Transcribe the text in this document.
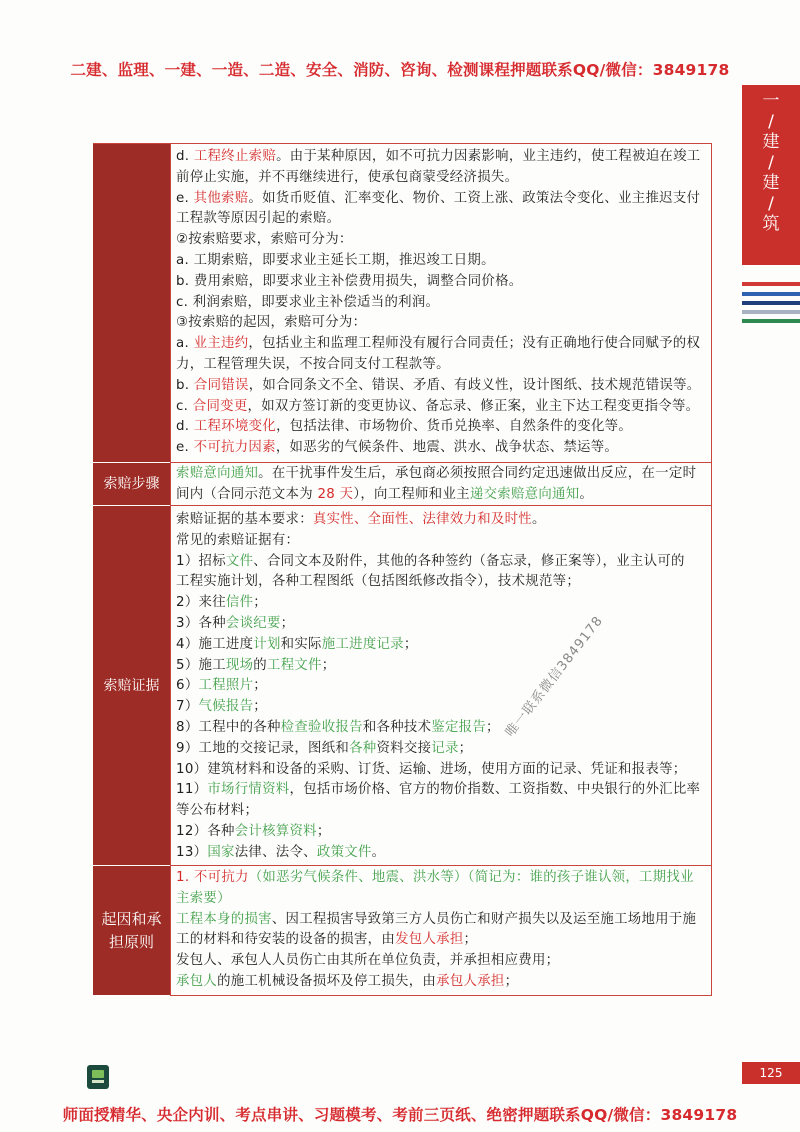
二建、监理、一建、一造、二造、安全、消防、咨询、检测课程押题联系QQ/微信：3849178
一
/
建
/
建
/
筑
d. 工程终止索赔。由于某种原因，如不可抗力因素影响，业主违约，使工程被迫在竣工
前停止实施，并不再继续进行，使承包商蒙受经济损失。
e. 其他索赔。如货币贬值、汇率变化、物价、工资上涨、政策法令变化、业主推迟支付
工程款等原因引起的索赔。
②按索赔要求，索赔可分为：
a. 工期索赔，即要求业主延长工期，推迟竣工日期。
b. 费用索赔，即要求业主补偿费用损失，调整合同价格。
c. 利润索赔，即要求业主补偿适当的利润。
③按索赔的起因，索赔可分为：
a. 业主违约，包括业主和监理工程师没有履行合同责任；没有正确地行使合同赋予的权
力，工程管理失误，不按合同支付工程款等。
b. 合同错误，如合同条文不全、错误、矛盾、有歧义性，设计图纸、技术规范错误等。
c. 合同变更，如双方签订新的变更协议、备忘录、修正案，业主下达工程变更指令等。
d. 工程环境变化，包括法律、市场物价、货币兑换率、自然条件的变化等。
e. 不可抗力因素，如恶劣的气候条件、地震、洪水、战争状态、禁运等。
索赔步骤
索赔意向通知。在干扰事件发生后，承包商必须按照合同约定迅速做出反应，在一定时
间内（合同示范文本为 28 天），向工程师和业主递交索赔意向通知。
索赔证据
索赔证据的基本要求：真实性、全面性、法律效力和及时性。
常见的索赔证据有：
1）招标文件、合同文本及附件，其他的各种签约（备忘录，修正案等），业主认可的
工程实施计划，各种工程图纸（包括图纸修改指令），技术规范等；
2）来往信件；
3）各种会谈纪要；
4）施工进度计划和实际施工进度记录；
5）施工现场的工程文件；
6）工程照片；
7）气候报告；
8）工程中的各种检查验收报告和各种技术鉴定报告；
9）工地的交接记录，图纸和各种资料交接记录；
10）建筑材料和设备的采购、订货、运输、进场，使用方面的记录、凭证和报表等；
11）市场行情资料，包括市场价格、官方的物价指数、工资指数、中央银行的外汇比率
等公布材料；
12）各种会计核算资料；
13）国家法律、法令、政策文件。
起因和承
担原则
1. 不可抗力（如恶劣气候条件、地震、洪水等）（简记为：谁的孩子谁认领，工期找业
主索要）
工程本身的损害、因工程损害导致第三方人员伤亡和财产损失以及运至施工场地用于施
工的材料和待安装的设备的损害，由发包人承担；
发包人、承包人人员伤亡由其所在单位负责，并承担相应费用；
承包人的施工机械设备损坏及停工损失，由承包人承担；
唯一联系微信3849178
125
师面授精华、央企内训、考点串讲、习题模考、考前三页纸、绝密押题联系QQ/微信：3849178
